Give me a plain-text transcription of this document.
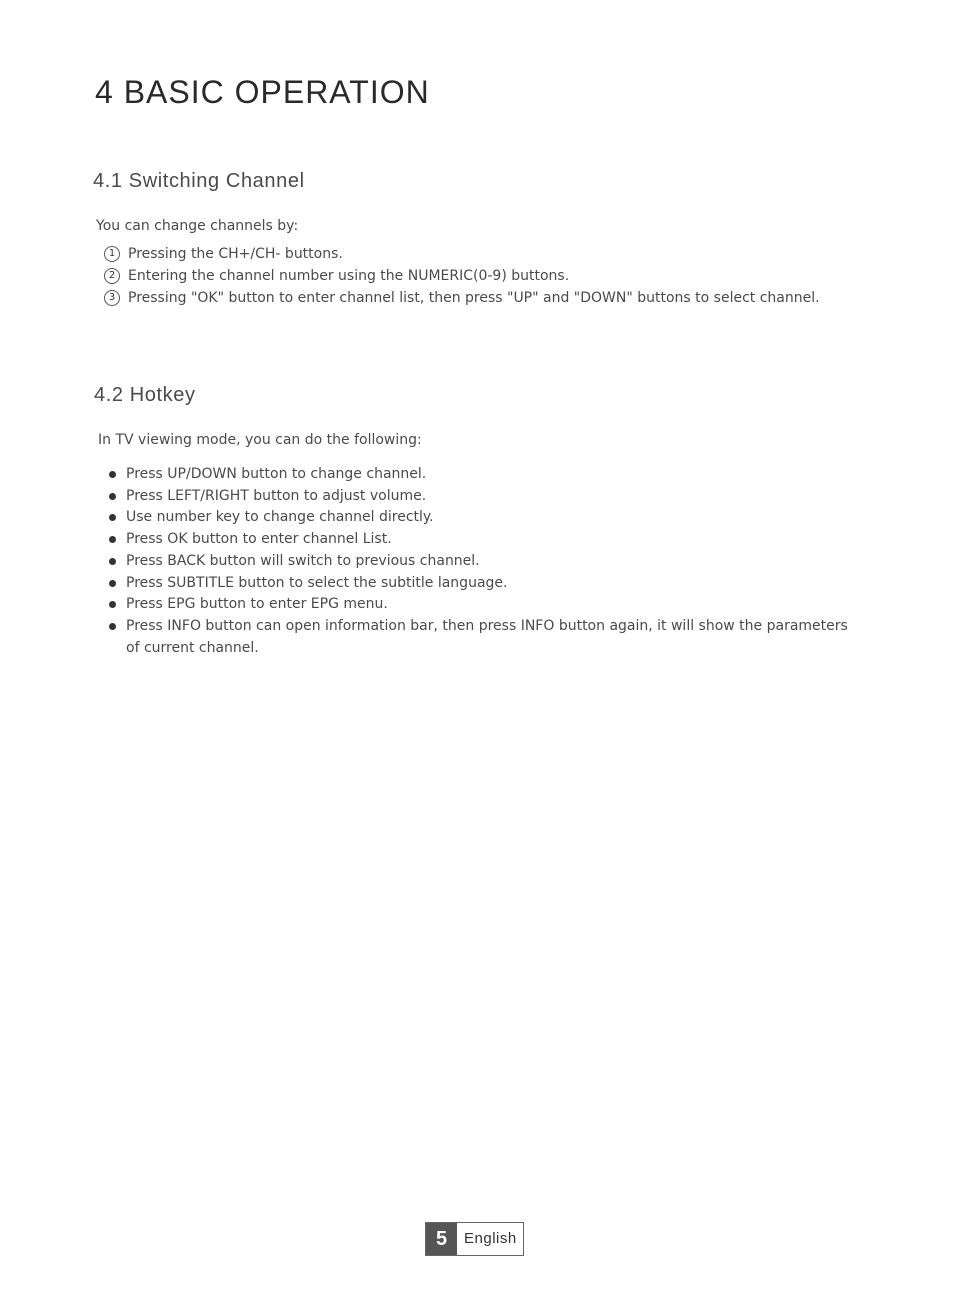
4 BASIC OPERATION
4.1 Switching Channel
You can change channels by:
1 Pressing the CH+/CH- buttons.
2 Entering the channel number using the NUMERIC(0-9) buttons.
3 Pressing "OK" button to enter channel list, then press "UP" and "DOWN" buttons to select channel.
4.2 Hotkey
In TV viewing mode, you can do the following:
Press UP/DOWN button to change channel.
Press LEFT/RIGHT button to adjust volume.
Use number key to change channel directly.
Press OK button to enter channel List.
Press BACK button will switch to previous channel.
Press SUBTITLE button to select the subtitle language.
Press EPG button to enter EPG menu.
Press INFO button can open information bar, then press INFO button again, it will show the parameters of current channel.
5	English
